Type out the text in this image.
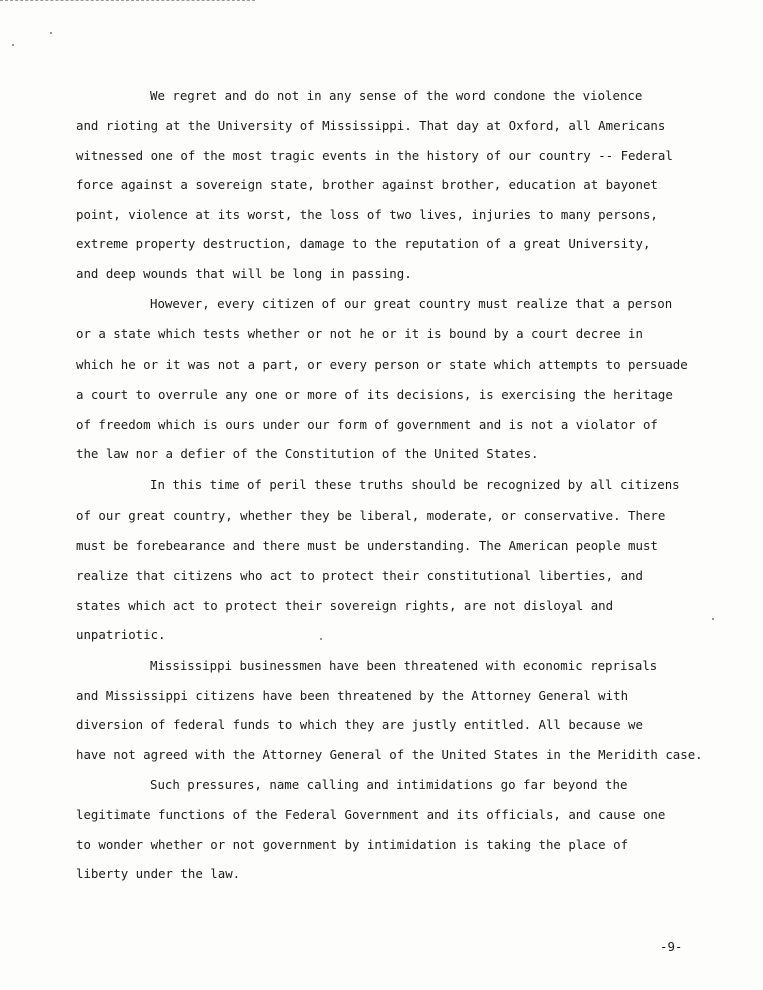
We regret and do not in any sense of the word condone the violence
and rioting at the University of Mississippi. That day at Oxford, all Americans
witnessed one of the most tragic events in the history of our country -- Federal
force against a sovereign state, brother against brother, education at bayonet
point, violence at its worst, the loss of two lives, injuries to many persons,
extreme property destruction, damage to the reputation of a great University,
and deep wounds that will be long in passing.
However, every citizen of our great country must realize that a person
or a state which tests whether or not he or it is bound by a court decree in
which he or it was not a part, or every person or state which attempts to persuade
a court to overrule any one or more of its decisions, is exercising the heritage
of freedom which is ours under our form of government and is not a violator of
the law nor a defier of the Constitution of the United States.
In this time of peril these truths should be recognized by all citizens
of our great country, whether they be liberal, moderate, or conservative. There
must be forebearance and there must be understanding. The American people must
realize that citizens who act to protect their constitutional liberties, and
states which act to protect their sovereign rights, are not disloyal and
unpatriotic.
Mississippi businessmen have been threatened with economic reprisals
and Mississippi citizens have been threatened by the Attorney General with
diversion of federal funds to which they are justly entitled. All because we
have not agreed with the Attorney General of the United States in the Meridith case.
Such pressures, name calling and intimidations go far beyond the
legitimate functions of the Federal Government and its officials, and cause one
to wonder whether or not government by intimidation is taking the place of
liberty under the law.
-9-
